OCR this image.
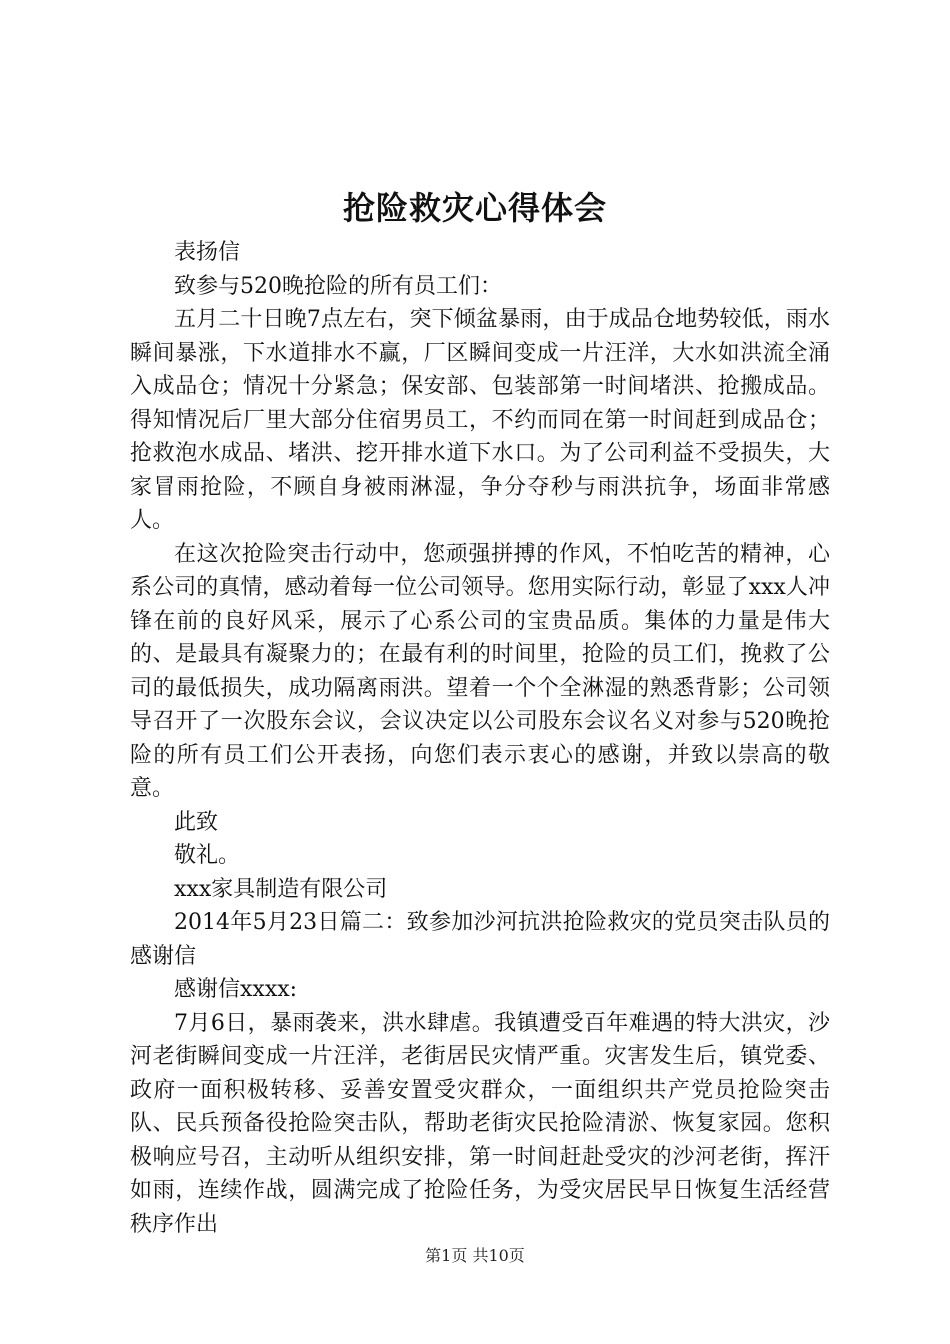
抢险救灾心得体会

表扬信

致参与520晚抢险的所有员工们：

五月二十日晚7点左右，突下倾盆暴雨，由于成品仓地势较低，雨水瞬间暴涨，下水道排水不赢，厂区瞬间变成一片汪洋，大水如洪流全涌入成品仓；情况十分紧急；保安部、包装部第一时间堵洪、抢搬成品。得知情况后厂里大部分住宿男员工，不约而同在第一时间赶到成品仓；抢救泡水成品、堵洪、挖开排水道下水口。为了公司利益不受损失，大家冒雨抢险，不顾自身被雨淋湿，争分夺秒与雨洪抗争，场面非常感人。

在这次抢险突击行动中，您顽强拼搏的作风，不怕吃苦的精神，心系公司的真情，感动着每一位公司领导。您用实际行动，彰显了xxx人冲锋在前的良好风采，展示了心系公司的宝贵品质。集体的力量是伟大的、是最具有凝聚力的；在最有利的时间里，抢险的员工们，挽救了公司的最低损失，成功隔离雨洪。望着一个个全淋湿的熟悉背影；公司领导召开了一次股东会议，会议决定以公司股东会议名义对参与520晚抢险的所有员工们公开表扬，向您们表示衷心的感谢，并致以崇高的敬意。

此致

敬礼。

xxx家具制造有限公司

2014年5月23日篇二：致参加沙河抗洪抢险救灾的党员突击队员的感谢信

感谢信xxxx:

7月6日，暴雨袭来，洪水肆虐。我镇遭受百年难遇的特大洪灾，沙河老街瞬间变成一片汪洋，老街居民灾情严重。灾害发生后，镇党委、政府一面积极转移、妥善安置受灾群众，一面组织共产党员抢险突击队、民兵预备役抢险突击队，帮助老街灾民抢险清淤、恢复家园。您积极响应号召，主动听从组织安排，第一时间赶赴受灾的沙河老街，挥汗如雨，连续作战，圆满完成了抢险任务，为受灾居民早日恢复生活经营秩序作出

第1页 共10页
